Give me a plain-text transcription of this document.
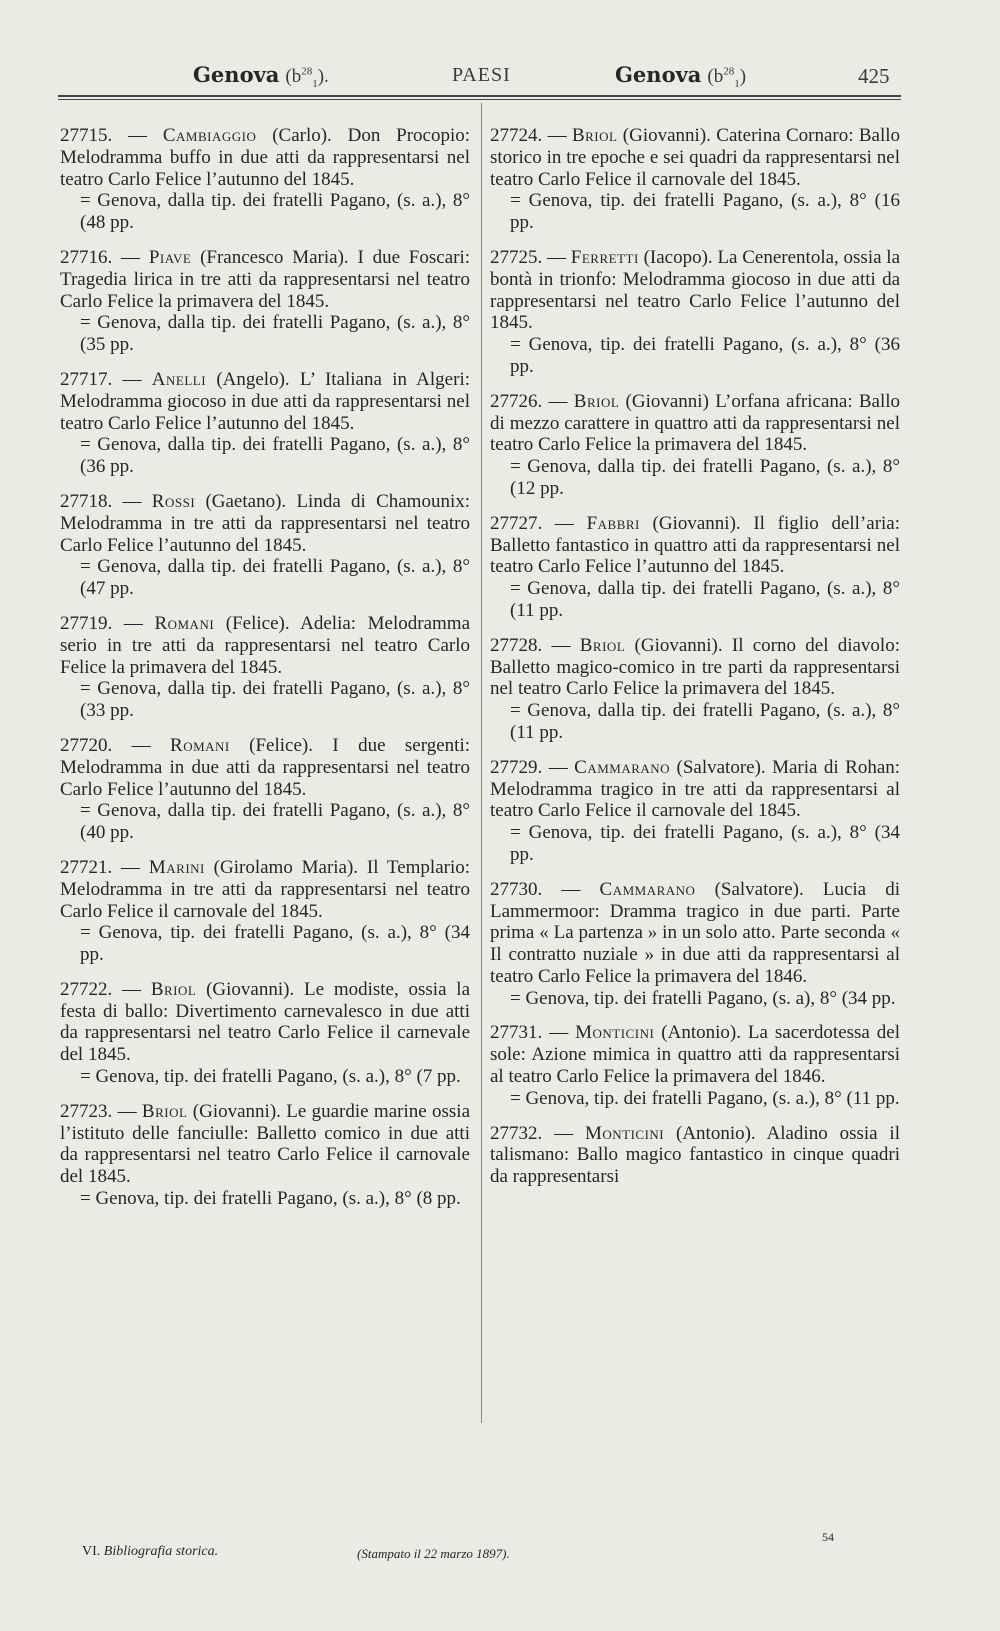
Genova $(b^{28}_1)$.	PAESI	Genova $(b^{28}_1)$	425
27715. — Cambiaggio (Carlo). Don Procopio: Melodramma buffo in due atti da rappresentarsi nel teatro Carlo Felice l’autunno del 1845.
= Genova, dalla tip. dei fratelli Pagano, (s. a.), 8° (48 pp.
27716. — Piave (Francesco Maria). I due Foscari: Tragedia lirica in tre atti da rappresentarsi nel teatro Carlo Felice la primavera del 1845.
= Genova, dalla tip. dei fratelli Pagano, (s. a.), 8° (35 pp.
27717. — Anelli (Angelo). L’ Italiana in Algeri: Melodramma giocoso in due atti da rappresentarsi nel teatro Carlo Felice l’autunno del 1845.
= Genova, dalla tip. dei fratelli Pagano, (s. a.), 8° (36 pp.
27718. — Rossi (Gaetano). Linda di Chamounix: Melodramma in tre atti da rappresentarsi nel teatro Carlo Felice l’autunno del 1845.
= Genova, dalla tip. dei fratelli Pagano, (s. a.), 8° (47 pp.
27719. — Romani (Felice). Adelia: Melodramma serio in tre atti da rappresentarsi nel teatro Carlo Felice la primavera del 1845.
= Genova, dalla tip. dei fratelli Pagano, (s. a.), 8° (33 pp.
27720. — Romani (Felice). I due sergenti: Melodramma in due atti da rappresentarsi nel teatro Carlo Felice l’autunno del 1845.
= Genova, dalla tip. dei fratelli Pagano, (s. a.), 8° (40 pp.
27721. — Marini (Girolamo Maria). Il Templario: Melodramma in tre atti da rappresentarsi nel teatro Carlo Felice il carnovale del 1845.
= Genova, tip. dei fratelli Pagano, (s. a.), 8° (34 pp.
27722. — Briol (Giovanni). Le modiste, ossia la festa di ballo: Divertimento carnevalesco in due atti da rappresentarsi nel teatro Carlo Felice il carnevale del 1845.
= Genova, tip. dei fratelli Pagano, (s. a.), 8° (7 pp.
27723. — Briol (Giovanni). Le guardie marine ossia l’istituto delle fanciulle: Balletto comico in due atti da rappresentarsi nel teatro Carlo Felice il carnovale del 1845.
= Genova, tip. dei fratelli Pagano, (s. a.), 8° (8 pp.
27724. — Briol (Giovanni). Caterina Cornaro: Ballo storico in tre epoche e sei quadri da rappresentarsi nel teatro Carlo Felice il carnovale del 1845.
= Genova, tip. dei fratelli Pagano, (s. a.), 8° (16 pp.
27725. — Ferretti (Iacopo). La Cenerentola, ossia la bontà in trionfo: Melodramma giocoso in due atti da rappresentarsi nel teatro Carlo Felice l’autunno del 1845.
= Genova, tip. dei fratelli Pagano, (s. a.), 8° (36 pp.
27726. — Briol (Giovanni) L’orfana africana: Ballo di mezzo carattere in quattro atti da rappresentarsi nel teatro Carlo Felice la primavera del 1845.
= Genova, dalla tip. dei fratelli Pagano, (s. a.), 8° (12 pp.
27727. — Fabbri (Giovanni). Il figlio dell’aria: Balletto fantastico in quattro atti da rappresentarsi nel teatro Carlo Felice l’autunno del 1845.
= Genova, dalla tip. dei fratelli Pagano, (s. a.), 8° (11 pp.
27728. — Briol (Giovanni). Il corno del diavolo: Balletto magico-comico in tre parti da rappresentarsi nel teatro Carlo Felice la primavera del 1845.
= Genova, dalla tip. dei fratelli Pagano, (s. a.), 8° (11 pp.
27729. — Cammarano (Salvatore). Maria di Rohan: Melodramma tragico in tre atti da rappresentarsi al teatro Carlo Felice il carnovale del 1845.
= Genova, tip. dei fratelli Pagano, (s. a.), 8° (34 pp.
27730. — Cammarano (Salvatore). Lucia di Lammermoor: Dramma tragico in due parti. Parte prima « La partenza » in un solo atto. Parte seconda « Il contratto nuziale » in due atti da rappresentarsi al teatro Carlo Felice la primavera del 1846.
= Genova, tip. dei fratelli Pagano, (s. a), 8° (34 pp.
27731. — Monticini (Antonio). La sacerdotessa del sole: Azione mimica in quattro atti da rappresentarsi al teatro Carlo Felice la primavera del 1846.
= Genova, tip. dei fratelli Pagano, (s. a.), 8° (11 pp.
27732. — Monticini (Antonio). Aladino ossia il talismano: Ballo magico fantastico in cinque quadri da rappresentarsi
VI. Bibliografia storica.	(Stampato il 22 marzo 1897).
54
